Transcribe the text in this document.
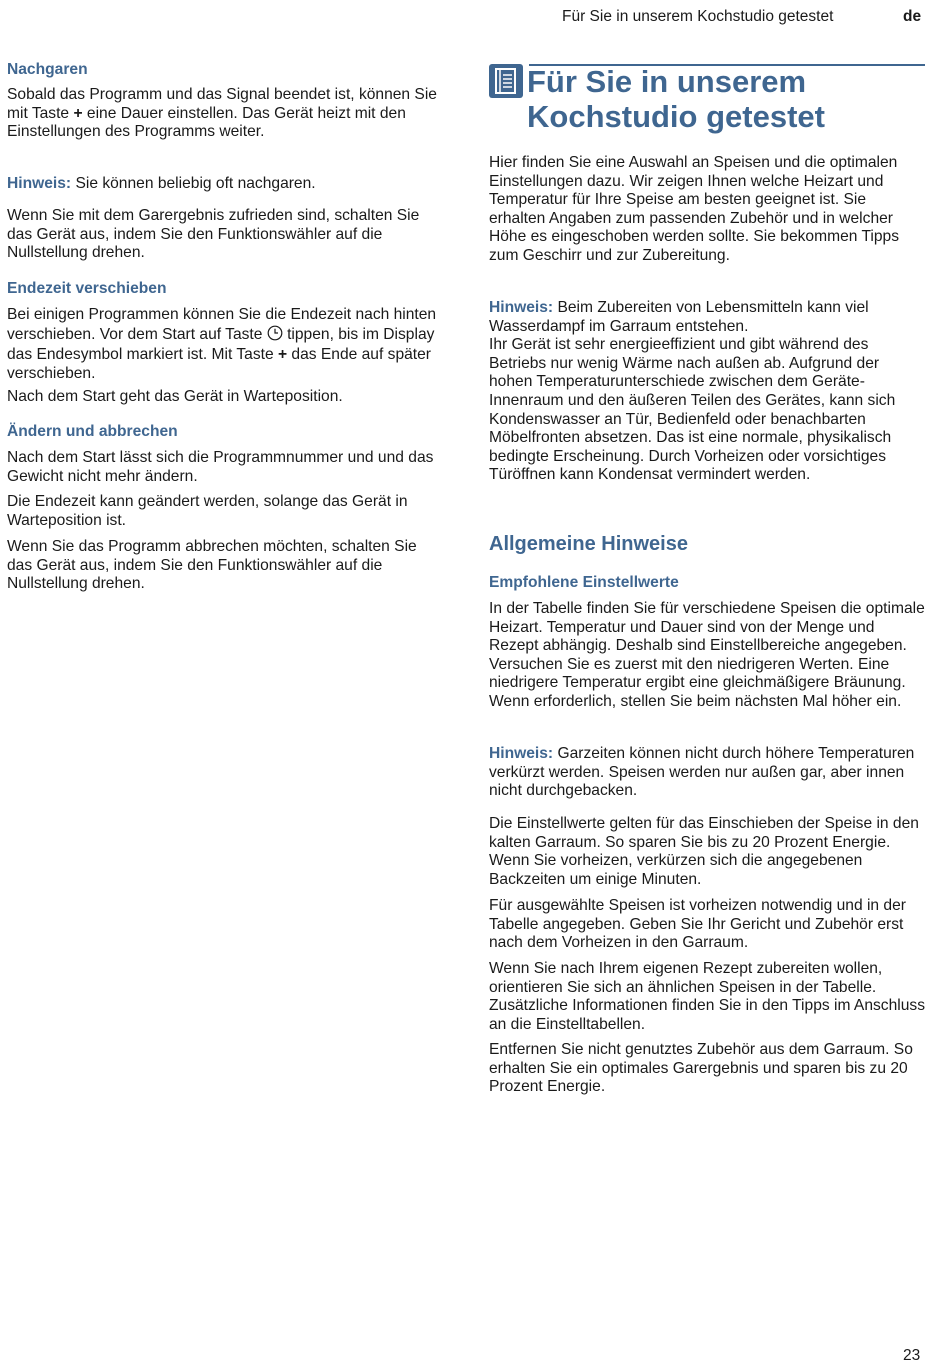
Für Sie in unserem Kochstudio getestet	de
Nachgaren

Sobald das Programm und das Signal beendet ist, können Sie mit Taste + eine Dauer einstellen. Das Gerät heizt mit den Einstellungen des Programms weiter.

Hinweis: Sie können beliebig oft nachgaren.

Wenn Sie mit dem Garergebnis zufrieden sind, schalten Sie das Gerät aus, indem Sie den Funktionswähler auf die Nullstellung drehen.

Endezeit verschieben

Bei einigen Programmen können Sie die Endezeit nach hinten verschieben. Vor dem Start auf Taste  tippen, bis im Display das Endesymbol markiert ist. Mit Taste + das Ende auf später verschieben.

Nach dem Start geht das Gerät in Warteposition.

Ändern und abbrechen

Nach dem Start lässt sich die Programmnummer und und das Gewicht nicht mehr ändern.

Die Endezeit kann geändert werden, solange das Gerät in Warteposition ist.

Wenn Sie das Programm abbrechen möchten, schalten Sie das Gerät aus, indem Sie den Funktionswähler auf die Nullstellung drehen.

Für Sie in unserem
Kochstudio getestet

Hier finden Sie eine Auswahl an Speisen und die optimalen Einstellungen dazu. Wir zeigen Ihnen welche Heizart und Temperatur für Ihre Speise am besten geeignet ist. Sie erhalten Angaben zum passenden Zubehör und in welcher Höhe es eingeschoben werden sollte. Sie bekommen Tipps zum Geschirr und zur Zubereitung.

Hinweis: Beim Zubereiten von Lebensmitteln kann viel Wasserdampf im Garraum entstehen.
Ihr Gerät ist sehr energieeffizient und gibt während des Betriebs nur wenig Wärme nach außen ab. Aufgrund der hohen Temperaturunterschiede zwischen dem Geräte-Innenraum und den äußeren Teilen des Gerätes, kann sich Kondenswasser an Tür, Bedienfeld oder benachbarten Möbelfronten absetzen. Das ist eine normale, physikalisch bedingte Erscheinung. Durch Vorheizen oder vorsichtiges Türöffnen kann Kondensat vermindert werden.

Allgemeine Hinweise
Empfohlene Einstellwerte

In der Tabelle finden Sie für verschiedene Speisen die optimale Heizart. Temperatur und Dauer sind von der Menge und Rezept abhängig. Deshalb sind Einstellbereiche angegeben. Versuchen Sie es zuerst mit den niedrigeren Werten. Eine niedrigere Temperatur ergibt eine gleichmäßigere Bräunung. Wenn erforderlich, stellen Sie beim nächsten Mal höher ein.

Hinweis: Garzeiten können nicht durch höhere Temperaturen verkürzt werden. Speisen werden nur außen gar, aber innen nicht durchgebacken.

Die Einstellwerte gelten für das Einschieben der Speise in den kalten Garraum. So sparen Sie bis zu 20 Prozent Energie. Wenn Sie vorheizen, verkürzen sich die angegebenen Backzeiten um einige Minuten.

Für ausgewählte Speisen ist vorheizen notwendig und in der Tabelle angegeben. Geben Sie Ihr Gericht und Zubehör erst nach dem Vorheizen in den Garraum.

Wenn Sie nach Ihrem eigenen Rezept zubereiten wollen, orientieren Sie sich an ähnlichen Speisen in der Tabelle. Zusätzliche Informationen finden Sie in den Tipps im Anschluss an die Einstelltabellen.

Entfernen Sie nicht genutztes Zubehör aus dem Garraum. So erhalten Sie ein optimales Garergebnis und sparen bis zu 20 Prozent Energie.

23
